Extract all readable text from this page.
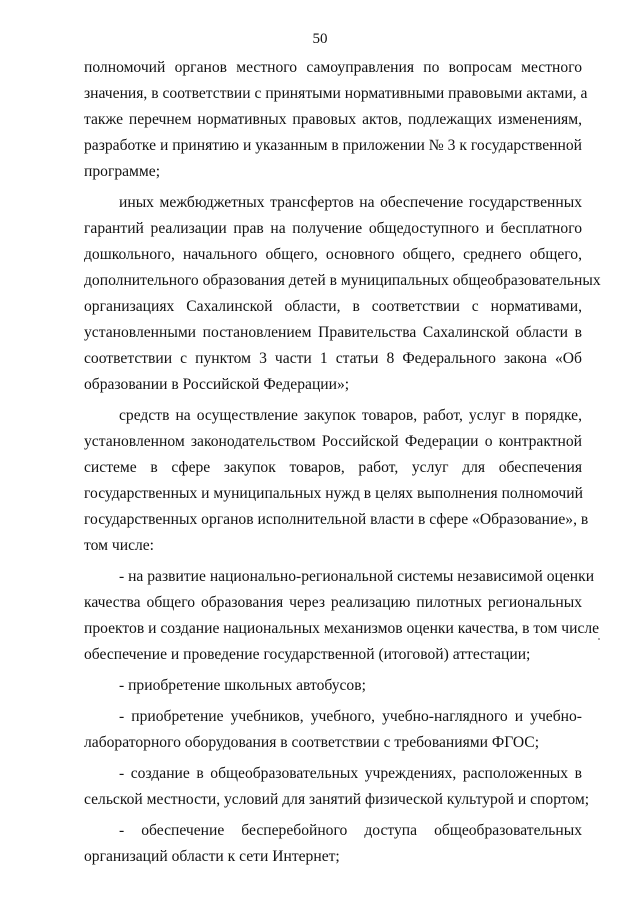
50
полномочий органов местного самоуправления по вопросам местного
значения, в соответствии с принятыми нормативными правовыми актами, а
также перечнем нормативных правовых актов, подлежащих изменениям,
разработке и принятию и указанным в приложении № 3 к государственной
программе;
иных межбюджетных трансфертов на обеспечение государственных
гарантий реализации прав на получение общедоступного и бесплатного
дошкольного, начального общего, основного общего, среднего общего,
дополнительного образования детей в муниципальных общеобразовательных
организациях Сахалинской области, в соответствии с нормативами,
установленными постановлением Правительства Сахалинской области в
соответствии с пунктом 3 части 1 статьи 8 Федерального закона «Об
образовании в Российской Федерации»;
средств на осуществление закупок товаров, работ, услуг в порядке,
установленном законодательством Российской Федерации о контрактной
системе в сфере закупок товаров, работ, услуг для обеспечения
государственных и муниципальных нужд в целях выполнения полномочий
государственных органов исполнительной власти в сфере «Образование», в
том числе:
- на развитие национально-региональной системы независимой оценки
качества общего образования через реализацию пилотных региональных
проектов и создание национальных механизмов оценки качества, в том числе
обеспечение и проведение государственной (итоговой) аттестации;
- приобретение школьных автобусов;
- приобретение учебников, учебного, учебно-наглядного и учебно-
лабораторного оборудования в соответствии с требованиями ФГОС;
- создание в общеобразовательных учреждениях, расположенных в
сельской местности, условий для занятий физической культурой и спортом;
- обеспечение бесперебойного доступа общеобразовательных
организаций области к сети Интернет;
